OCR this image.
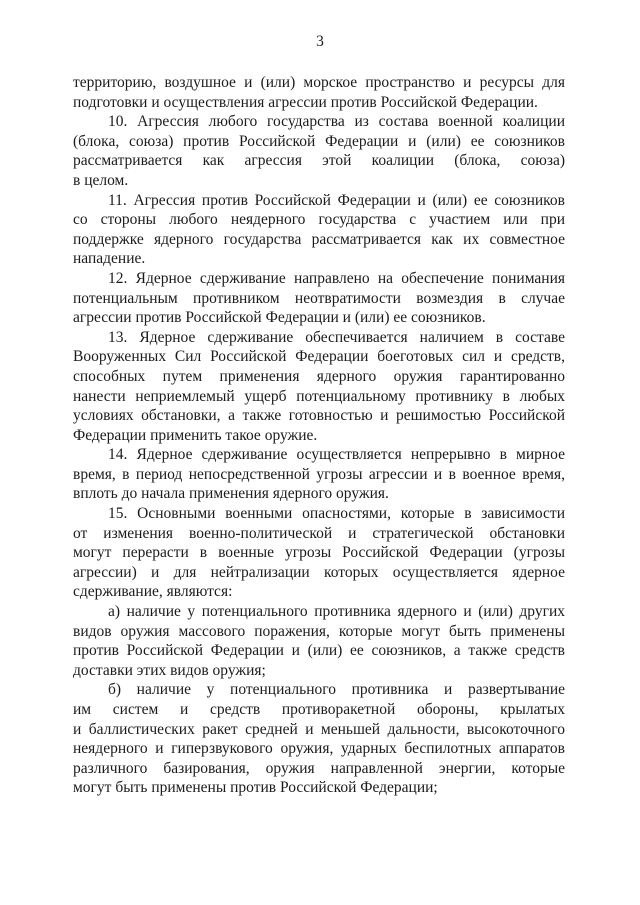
3
территорию, воздушное и (или) морское пространство и ресурсы для
подготовки и осуществления агрессии против Российской Федерации.
10. Агрессия любого государства из состава военной коалиции
(блока, союза) против Российской Федерации и (или) ее союзников
рассматривается как агрессия этой коалиции (блока, союза)
в целом.
11. Агрессия против Российской Федерации и (или) ее союзников
со стороны любого неядерного государства с участием или при
поддержке ядерного государства рассматривается как их совместное
нападение.
12. Ядерное сдерживание направлено на обеспечение понимания
потенциальным противником неотвратимости возмездия в случае
агрессии против Российской Федерации и (или) ее союзников.
13. Ядерное сдерживание обеспечивается наличием в составе
Вооруженных Сил Российской Федерации боеготовых сил и средств,
способных путем применения ядерного оружия гарантированно
нанести неприемлемый ущерб потенциальному противнику в любых
условиях обстановки, а также готовностью и решимостью Российской
Федерации применить такое оружие.
14. Ядерное сдерживание осуществляется непрерывно в мирное
время, в период непосредственной угрозы агрессии и в военное время,
вплоть до начала применения ядерного оружия.
15. Основными военными опасностями, которые в зависимости
от изменения военно-политической и стратегической обстановки
могут перерасти в военные угрозы Российской Федерации (угрозы
агрессии) и для нейтрализации которых осуществляется ядерное
сдерживание, являются:
а) наличие у потенциального противника ядерного и (или) других
видов оружия массового поражения, которые могут быть применены
против Российской Федерации и (или) ее союзников, а также средств
доставки этих видов оружия;
б) наличие у потенциального противника и развертывание
им систем и средств противоракетной обороны, крылатых
и баллистических ракет средней и меньшей дальности, высокоточного
неядерного и гиперзвукового оружия, ударных беспилотных аппаратов
различного базирования, оружия направленной энергии, которые
могут быть применены против Российской Федерации;
